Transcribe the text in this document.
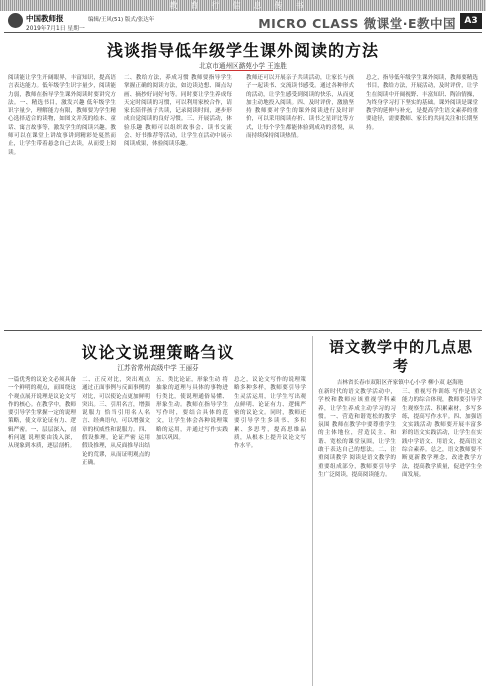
教育行信息传书
中国教师报	编辑/王风(51) 版式/张达年
2019年7月1日 星期一	MICRO CLASS 微课堂·E教中国 A3
浅谈指导低年级学生课外阅读的方法
北京市通州区潞苑小学 王连胜
阅读能让学生开阔眼界，丰富知识，提高语言表达能力。低年级学生识字量少，阅读能力弱，教师在指导学生课外阅读时要讲究方法。一、精选书目，激发兴趣 低年级学生识字量少，理解能力有限，教师要为学生精心选择适合的读物，如图文并茂的绘本、童话、寓言故事等，激发学生的阅读兴趣。教师可以在课堂上讲故事讲到精彩处戛然而止，让学生带着悬念自己去读，从而爱上阅读。
二、教给方法，养成习惯 教师要指导学生掌握正确的阅读方法，如边读边想、圈点勾画、摘抄好词好句等。同时要让学生养成每天定时阅读的习惯，可以利用家校合作，请家长陪伴孩子共读，记录阅读时间，逐步形成自觉阅读的良好习惯。三、开展活动，体验乐趣 教师可以组织故事会、读书交流会、好书推荐等活动，让学生在活动中展示阅读成果，体验阅读乐趣。
教师还可以开展亲子共读活动，让家长与孩子一起读书、交流读书感受。通过各种形式的活动，让学生感受到阅读的快乐，从而更加主动地投入阅读。四、及时评价，激励坚持 教师要对学生的课外阅读进行及时评价，可以采用阅读存折、读书之星评比等方式，让每个学生都能体验到成功的喜悦，从而持续保持阅读热情。
总之，指导低年级学生课外阅读，教师要精选书目，教给方法，开展活动，及时评价，让学生在阅读中开阔视野、丰富知识、陶冶情操，为终身学习打下坚实的基础。课外阅读是课堂教学的延伸与补充，是提高学生语文素养的重要途径，需要教师、家长的共同关注和长期坚持。
议论文说理策略刍议
江苏省常州高级中学 王丽芬
一篇优秀的议论文必须具备一个鲜明的观点，而围绕这个观点展开说理是议论文写作的核心。在教学中，教师要引导学生掌握一定的说理策略，使文章论证有力、逻辑严密。一、层层深入，剖析问题 说理要由浅入深，从现象到本质，逐层剖析。
二、正反对比，突出观点 通过正面事例与反面事例的对比，可以使论点更加鲜明突出。三、引用名言，增强说服力 恰当引用名人名言、经典语句，可以增强文章的权威性和说服力。四、假设推理，论证严密 运用假设推理，从反面推导出结论的荒谬，从而证明观点的正确。
五、类比论证，形象生动 将抽象的道理与具体的事物进行类比，使说理通俗易懂、形象生动。教师在指导学生写作时，要结合具体的范文，让学生体会各种说理策略的运用，并通过写作实践加以巩固。
总之，议论文写作的说理策略多种多样，教师要引导学生灵活运用，让学生写出观点鲜明、论证有力、逻辑严密的议论文。同时，教师还要引导学生多读书、多积累、多思考，提高思维品质，从根本上提升议论文写作水平。
语文教学中的几点思考
吉林省长春市双阳区齐家镇中心小学 柳小双 赵海艳
在新时代的语文教学活动中，学校和教师应该重视学科素养，让学生养成主动学习的习惯。一、营造和谐宽松的教学氛围 教师在教学中要尊重学生的主体地位，营造民主、和谐、宽松的课堂氛围，让学生敢于表达自己的想法。二、注重阅读教学 阅读是语文教学的重要组成部分，教师要引导学生广泛阅读，提高阅读能力。
三、重视写作训练 写作是语文能力的综合体现，教师要引导学生观察生活、积累素材，多写多练，提高写作水平。四、加强语文实践活动 教师要开展丰富多彩的语文实践活动，让学生在实践中学语文、用语文，提高语文综合素养。总之，语文教师要不断更新教学理念，改进教学方法，提高教学质量，促进学生全面发展。
